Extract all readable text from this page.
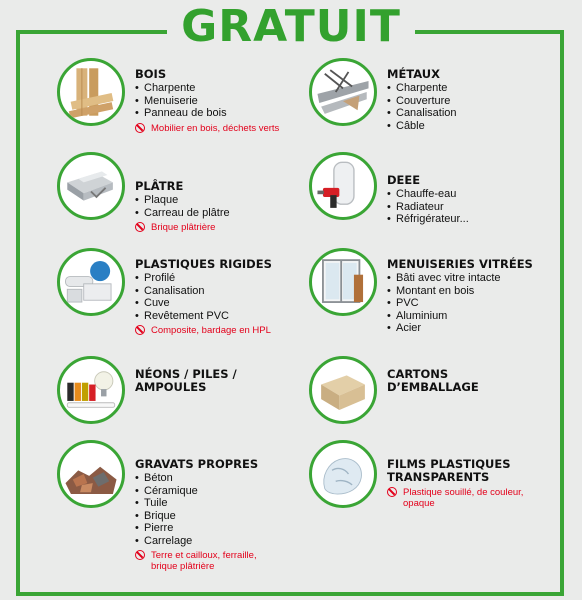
GRATUIT
BOIS
• Charpente
• Menuiserie
• Panneau de bois
Mobilier en bois, déchets verts
MÉTAUX
• Charpente
• Couverture
• Canalisation
• Câble
PLÂTRE
• Plaque
• Carreau de plâtre
Brique plâtrière
DEEE
• Chauffe-eau
• Radiateur
• Réfrigérateur...
PLASTIQUES RIGIDES
• Profilé
• Canalisation
• Cuve
• Revêtement PVC
Composite, bardage en HPL
MENUISERIES VITRÉES
• Bâti avec vitre intacte
• Montant en bois
• PVC
• Aluminium
• Acier
NÉONS / PILES /
AMPOULES
CARTONS
D’EMBALLAGE
GRAVATS PROPRES
• Béton
• Céramique
• Tuile
• Brique
• Pierre
• Carrelage
Terre et cailloux, ferraille,
brique plâtrière
FILMS PLASTIQUES
TRANSPARENTS
Plastique souillé, de couleur,
opaque
